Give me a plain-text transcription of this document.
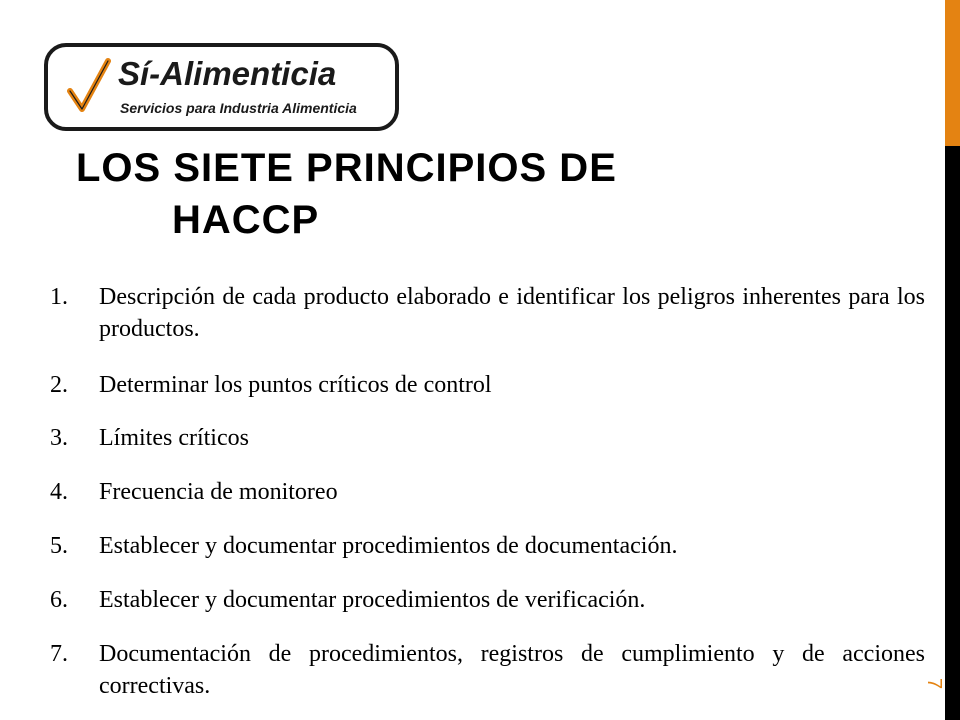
Sí-Alimenticia
Servicios para Industria Alimenticia
LOS SIETE PRINCIPIOS DE
HACCP
1.	Descripción de cada producto elaborado e identificar los peligros inherentes para los productos.
2.	Determinar los puntos críticos de control
3.	Límites críticos
4.	Frecuencia de monitoreo
5.	Establecer y documentar procedimientos de documentación.
6.	Establecer y documentar procedimientos de verificación.
7.	Documentación de procedimientos, registros de cumplimiento y de acciones correctivas.	7
